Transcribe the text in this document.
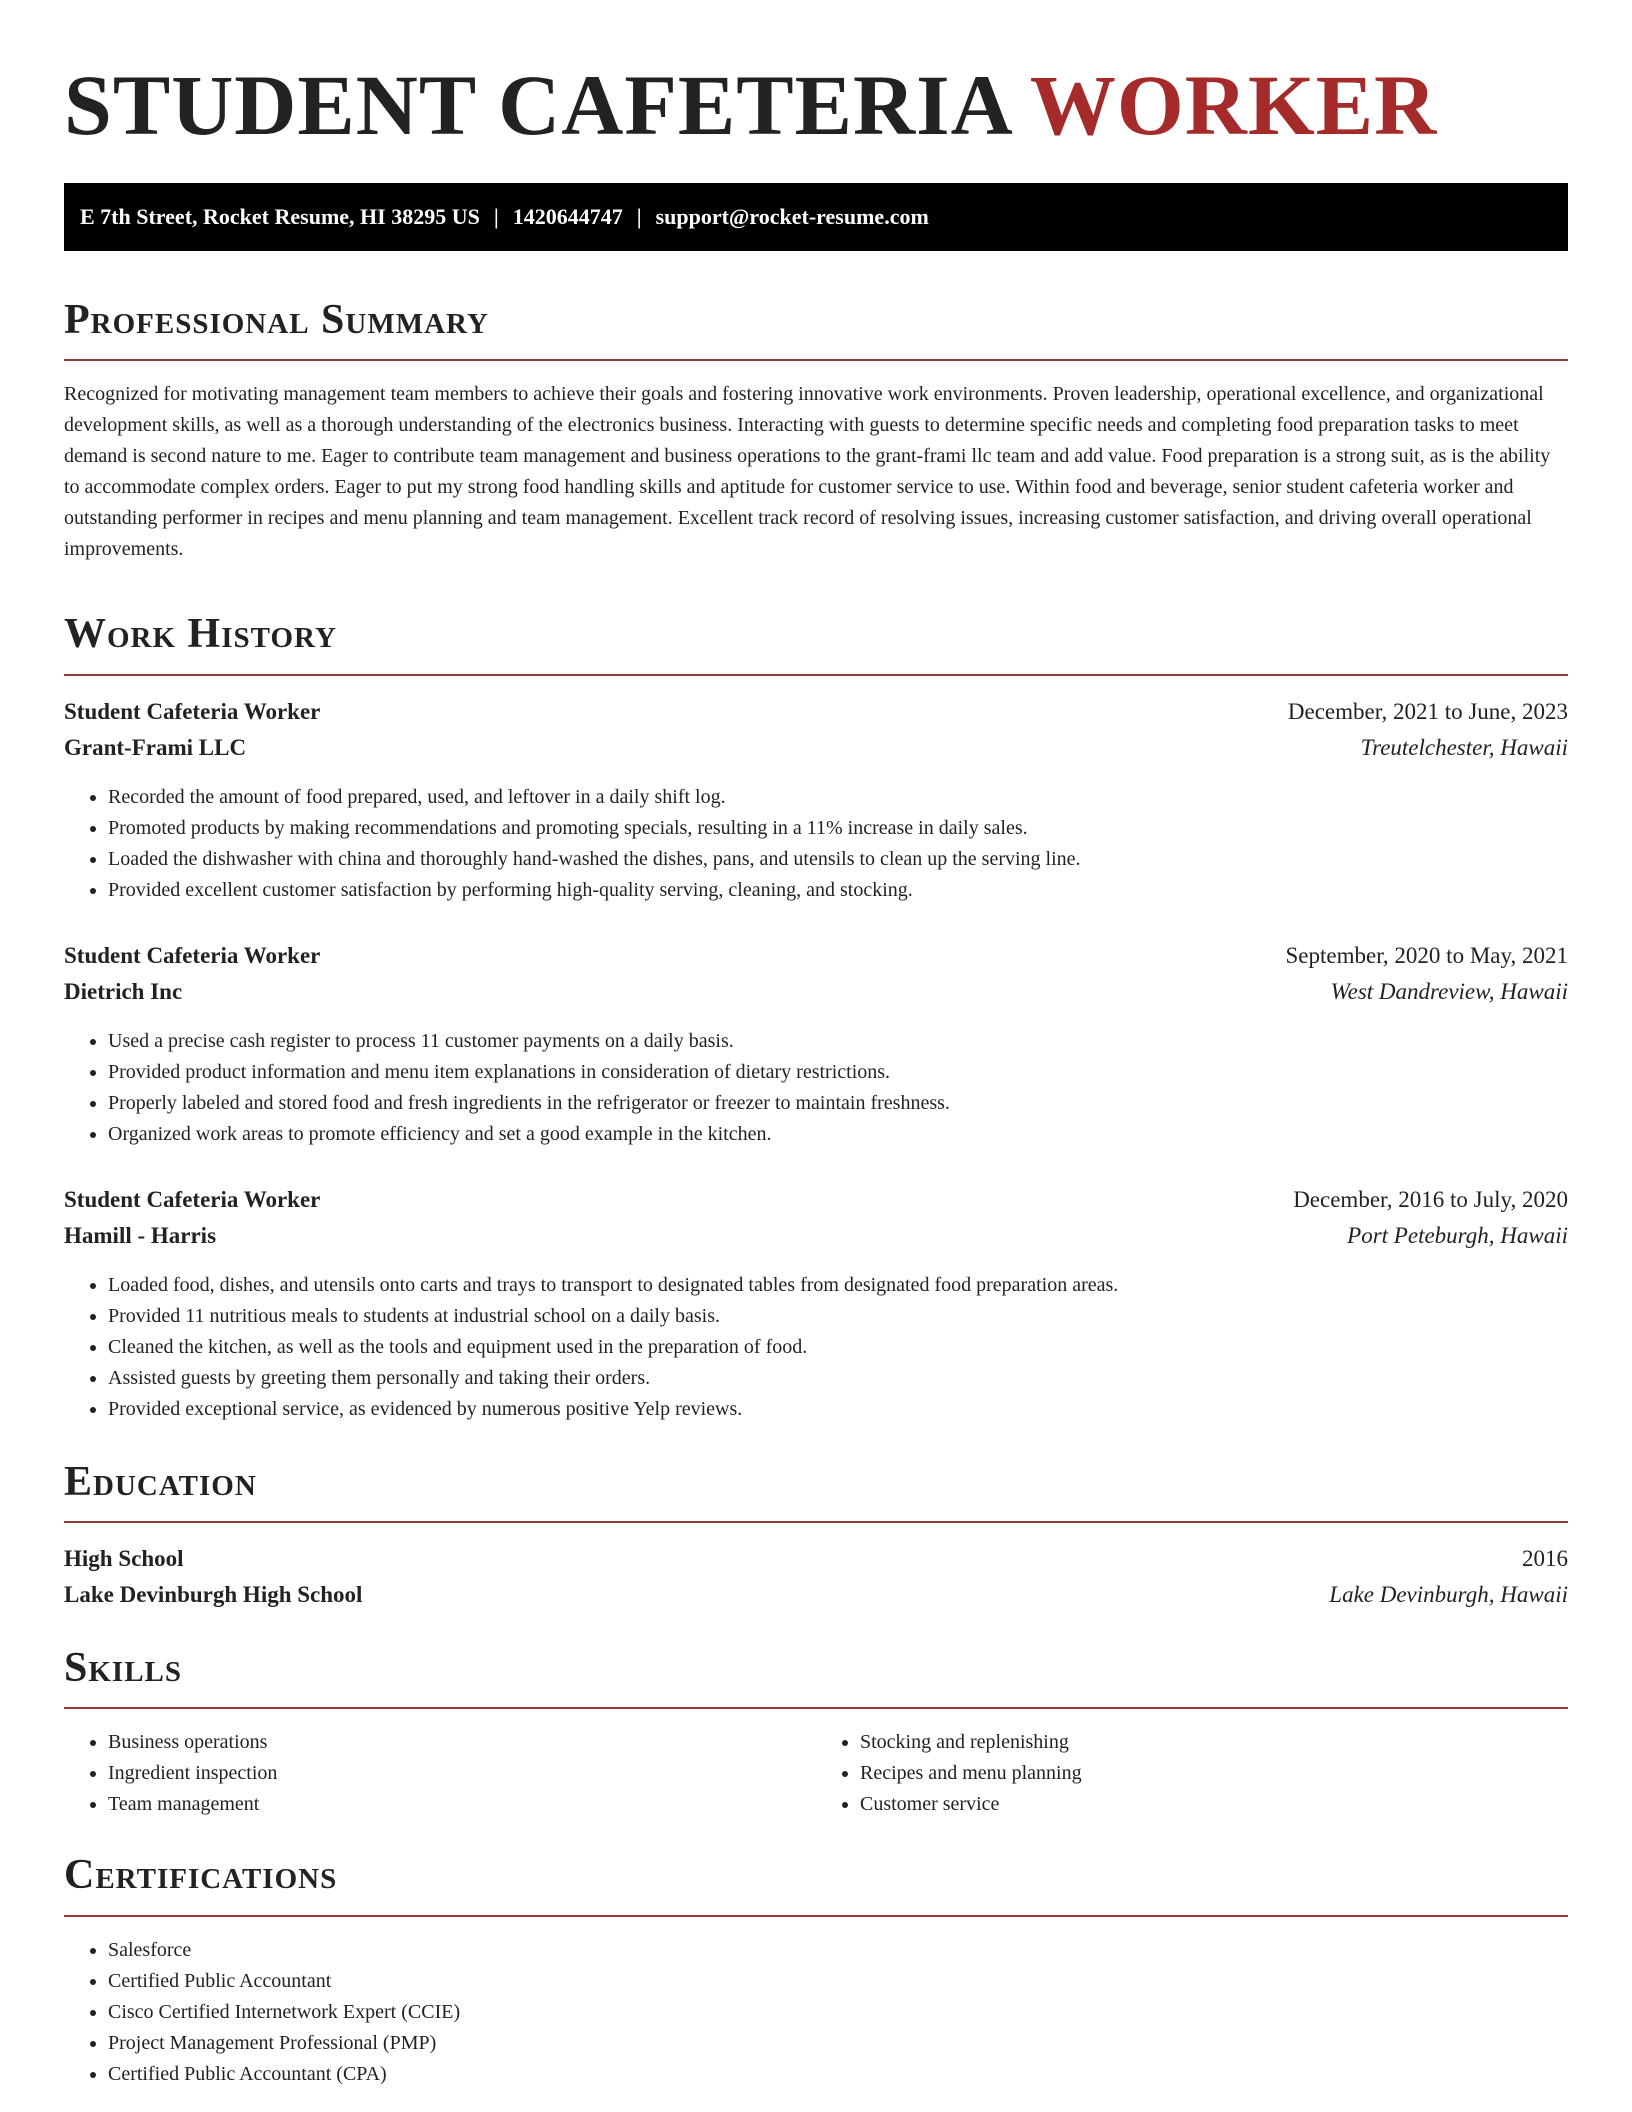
STUDENT CAFETERIA WORKER
E 7th Street, Rocket Resume, HI 38295 US | 1420644747 | support@rocket-resume.com
Professional Summary

Recognized for motivating management team members to achieve their goals and fostering innovative work environments. Proven leadership, operational excellence, and organizational development skills, as well as a thorough understanding of the electronics business. Interacting with guests to determine specific needs and completing food preparation tasks to meet demand is second nature to me. Eager to contribute team management and business operations to the grant-frami llc team and add value. Food preparation is a strong suit, as is the ability to accommodate complex orders. Eager to put my strong food handling skills and aptitude for customer service to use. Within food and beverage, senior student cafeteria worker and outstanding performer in recipes and menu planning and team management. Excellent track record of resolving issues, increasing customer satisfaction, and driving overall operational improvements.

Work History
Student Cafeteria Worker	December, 2021 to June, 2023
Grant-Frami LLC	Treutelchester, Hawaii
• Recorded the amount of food prepared, used, and leftover in a daily shift log.
• Promoted products by making recommendations and promoting specials, resulting in a 11% increase in daily sales.
• Loaded the dishwasher with china and thoroughly hand-washed the dishes, pans, and utensils to clean up the serving line.
• Provided excellent customer satisfaction by performing high-quality serving, cleaning, and stocking.
Student Cafeteria Worker	September, 2020 to May, 2021
Dietrich Inc	West Dandreview, Hawaii
• Used a precise cash register to process 11 customer payments on a daily basis.
• Provided product information and menu item explanations in consideration of dietary restrictions.
• Properly labeled and stored food and fresh ingredients in the refrigerator or freezer to maintain freshness.
• Organized work areas to promote efficiency and set a good example in the kitchen.
Student Cafeteria Worker	December, 2016 to July, 2020
Hamill - Harris	Port Peteburgh, Hawaii
• Loaded food, dishes, and utensils onto carts and trays to transport to designated tables from designated food preparation areas.
• Provided 11 nutritious meals to students at industrial school on a daily basis.
• Cleaned the kitchen, as well as the tools and equipment used in the preparation of food.
• Assisted guests by greeting them personally and taking their orders.
• Provided exceptional service, as evidenced by numerous positive Yelp reviews.
Education
High School	2016
Lake Devinburgh High School	Lake Devinburgh, Hawaii
Skills
• Business operations
• Ingredient inspection
• Team management
• Stocking and replenishing
• Recipes and menu planning
• Customer service
Certifications
• Salesforce
• Certified Public Accountant
• Cisco Certified Internetwork Expert (CCIE)
• Project Management Professional (PMP)
• Certified Public Accountant (CPA)
